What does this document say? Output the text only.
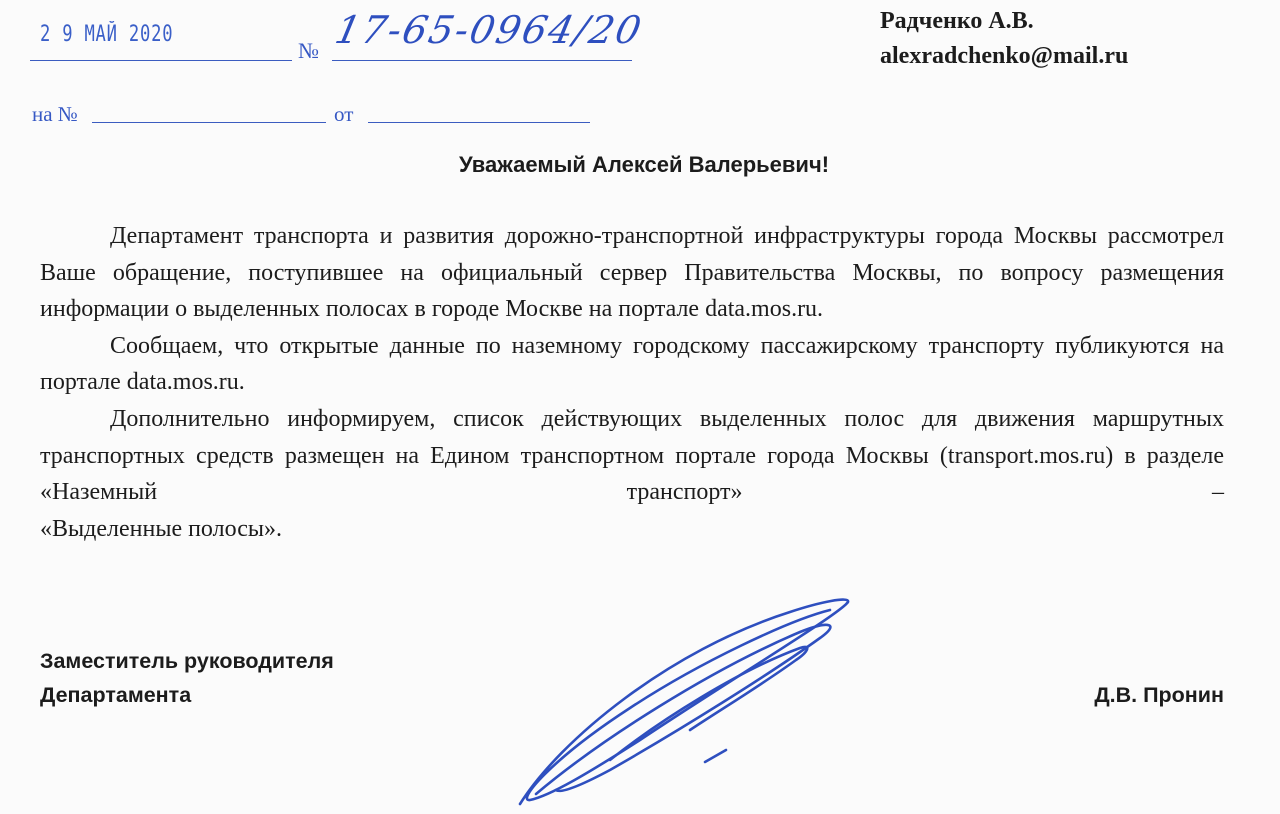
2 9 МАЙ 2020
№ 17-65-0964/20
на №	от
Радченко А.В.
alexradchenko@mail.ru
Уважаемый Алексей Валерьевич!

Департамент транспорта и развития дорожно-транспортной инфраструктуры города Москвы рассмотрел Ваше обращение, поступившее на официальный сервер Правительства Москвы, по вопросу размещения информации о выделенных полосах в городе Москве на портале data.mos.ru.

Сообщаем, что открытые данные по наземному городскому пассажирскому транспорту публикуются на портале data.mos.ru.

Дополнительно информируем, список действующих выделенных полос для движения маршрутных транспортных средств размещен на Едином транспортном портале города Москвы (transport.mos.ru) в разделе «Наземный транспорт» –

«Выделенные полосы».

Заместитель руководителя
Департамента	Д.В. Пронин
